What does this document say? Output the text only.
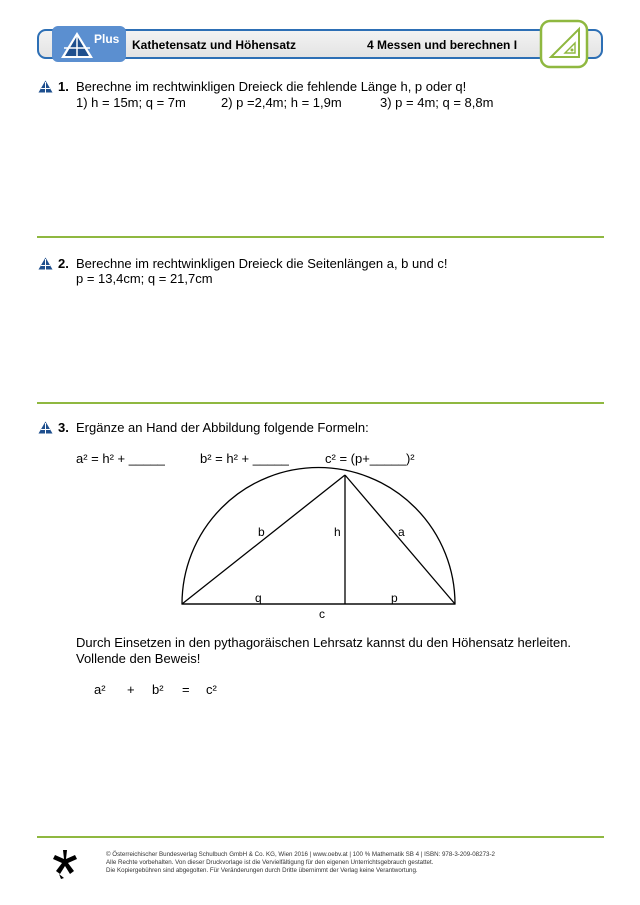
Plus Kathetensatz und Höhensatz	4 Messen und berechnen I
1. Berechne im rechtwinkligen Dreieck die fehlende Länge h, p oder q!
1) h = 15m; q = 7m	2) p =2,4m; h = 1,9m	3) p = 4m; q = 8,8m
2. Berechne im rechtwinkligen Dreieck die Seitenlängen a, b und c!
p = 13,4cm; q = 21,7cm
3. Ergänze an Hand der Abbildung folgende Formeln:
a² = h² + _____	b² = h² + _____	c² = (p+_____)²
b	h	a
q	p
c
Durch Einsetzen in den pythagoräischen Lehrsatz kannst du den Höhensatz herleiten.
Vollende den Beweis!
a² + b² = c²
© Österreichischer Bundesverlag Schulbuch GmbH & Co. KG, Wien 2016 | www.oebv.at | 100 % Mathematik SB 4 | ISBN: 978-3-209-08273-2
Alle Rechte vorbehalten. Von dieser Druckvorlage ist die Vervielfältigung für den eigenen Unterrichtsgebrauch gestattet.
Die Kopiergebühren sind abgegolten. Für Veränderungen durch Dritte übernimmt der Verlag keine Verantwortung.
